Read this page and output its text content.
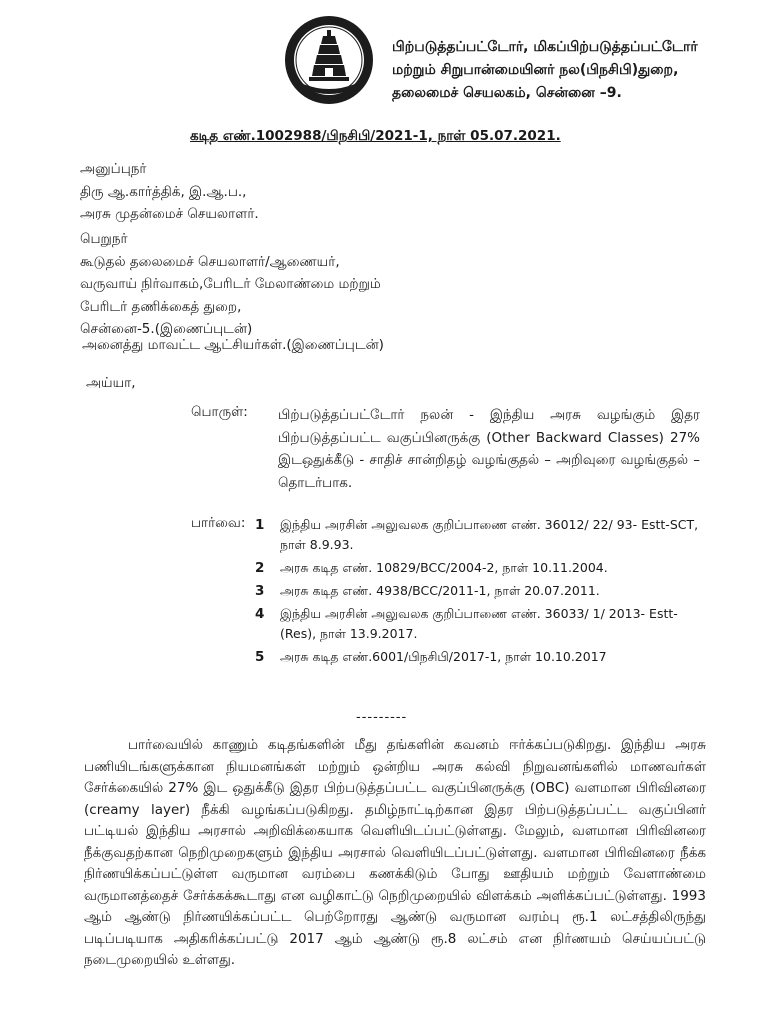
பிற்படுத்தப்பட்டோர், மிகப்பிற்படுத்தப்பட்டோர்
மற்றும் சிறுபான்மையினர் நல(பிநசிபி)துறை,
தலைமைச் செயலகம், சென்னை –9.
கடித எண்.1002988/பிநசிபி/2021-1, நாள் 05.07.2021.
அனுப்புநர்
திரு ஆ.கார்த்திக், இ.ஆ.ப.,
அரசு முதன்மைச் செயலாளர்.
பெறுநர்
கூடுதல் தலைமைச் செயலாளர்/ஆணையர்,
வருவாய் நிர்வாகம்,பேரிடர் மேலாண்மை மற்றும்
பேரிடர் தணிக்கைத் துறை,
சென்னை-5.(இணைப்புடன்)
அனைத்து மாவட்ட ஆட்சியர்கள்.(இணைப்புடன்)
அய்யா,
பொருள்: பிற்படுத்தப்பட்டோர் நலன் - இந்திய அரசு வழங்கும் இதர பிற்படுத்தப்பட்ட வகுப்பினருக்கு (Other Backward Classes) 27% இடஒதுக்கீடு - சாதிச் சான்றிதழ் வழங்குதல் – அறிவுரை வழங்குதல் – தொடர்பாக.
பார்வை: 1	இந்திய அரசின் அலுவலக குறிப்பாணை எண். 36012/ 22/ 93- Estt-SCT, நாள் 8.9.93.
2	அரசு கடித எண். 10829/BCC/2004-2, நாள் 10.11.2004.
3	அரசு கடித எண். 4938/BCC/2011-1, நாள் 20.07.2011.
4	இந்திய அரசின் அலுவலக குறிப்பாணை எண். 36033/ 1/ 2013- Estt- (Res), நாள் 13.9.2017.
5	அரசு கடித எண்.6001/பிநசிபி/2017-1, நாள் 10.10.2017
---------
பார்வையில் காணும் கடிதங்களின் மீது தங்களின் கவனம் ஈர்க்கப்படுகிறது. இந்திய அரசு பணியிடங்களுக்கான நியமனங்கள் மற்றும் ஒன்றிய அரசு கல்வி நிறுவனங்களில் மாணவர்கள் சேர்க்கையில் 27% இட ஒதுக்கீடு இதர பிற்படுத்தப்பட்ட வகுப்பினருக்கு (OBC) வளமான பிரிவினரை (creamy layer) நீக்கி வழங்கப்படுகிறது. தமிழ்நாட்டிற்கான இதர பிற்படுத்தப்பட்ட வகுப்பினர் பட்டியல் இந்திய அரசால் அறிவிக்கையாக வெளியிடப்பட்டுள்ளது. மேலும், வளமான பிரிவினரை நீக்குவதற்கான நெறிமுறைகளும் இந்திய அரசால் வெளியிடப்பட்டுள்ளது. வளமான பிரிவினரை நீக்க நிர்ணயிக்கப்பட்டுள்ள வருமான வரம்பை கணக்கிடும் போது ஊதியம் மற்றும் வேளாண்மை வருமானத்தைச் சேர்க்கக்கூடாது என வழிகாட்டு நெறிமுறையில் விளக்கம் அளிக்கப்பட்டுள்ளது. 1993 ஆம் ஆண்டு நிர்ணயிக்கப்பட்ட பெற்றோரது ஆண்டு வருமான வரம்பு ரூ.1 லட்சத்திலிருந்து படிப்படியாக அதிகரிக்கப்பட்டு 2017 ஆம் ஆண்டு ரூ.8 லட்சம் என நிர்ணயம் செய்யப்பட்டு நடைமுறையில் உள்ளது.
